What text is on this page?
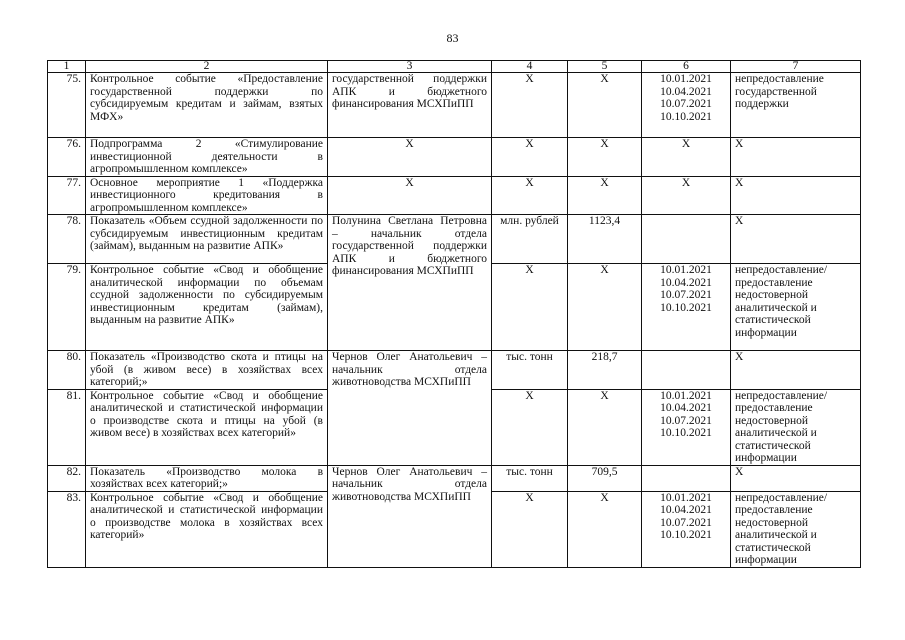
83
1	2	3	4	5	6	7
75.	Контрольное событие «Предоставление государственной поддержки по субсидируемым кредитам и займам, взятых МФХ»	государственной поддержки АПК и бюджетного финансирования МСХПиПП	X	X	10.01.2021
10.04.2021
10.07.2021
10.10.2021	непредоставление государственной поддержки
76.	Подпрограмма 2 «Стимулирование инвестиционной деятельности в агропромышленном комплексе»	X	X	X	X	X
77.	Основное мероприятие 1 «Поддержка инвестиционного кредитования в агропромышленном комплексе»	X	X	X	X	X
78.	Показатель «Объем ссудной задолженности по субсидируемым инвестиционным кредитам (займам), выданным на развитие АПК»	Полунина Светлана Петровна – начальник отдела государственной поддержки АПК и бюджетного финансирования МСХПиПП	млн. рублей	1123,4		X
79.	Контрольное событие «Свод и обобщение аналитической информации по объемам ссудной задолженности по субсидируемым инвестиционным кредитам (займам), выданным на развитие АПК»		X	X	10.01.2021
10.04.2021
10.07.2021
10.10.2021	непредоставление/ предоставление недостоверной аналитической и статистической информации
80.	Показатель «Производство скота и птицы на убой (в живом весе) в хозяйствах всех категорий;»	Чернов Олег Анатольевич – начальник отдела животноводства МСХПиПП	тыс. тонн	218,7		X
81.	Контрольное событие «Свод и обобщение аналитической и статистической информации о производстве скота и птицы на убой (в живом весе) в хозяйствах всех категорий»		X	X	10.01.2021
10.04.2021
10.07.2021
10.10.2021	непредоставление/ предоставление недостоверной аналитической и статистической информации
82.	Показатель «Производство молока в хозяйствах всех категорий;»	Чернов Олег Анатольевич – начальник отдела животноводства МСХПиПП	тыс. тонн	709,5		X
83.	Контрольное событие «Свод и обобщение аналитической и статистической информации о производстве молока в хозяйствах всех категорий»		X	X	10.01.2021
10.04.2021
10.07.2021
10.10.2021	непредоставление/ предоставление недостоверной аналитической и статистической информации
